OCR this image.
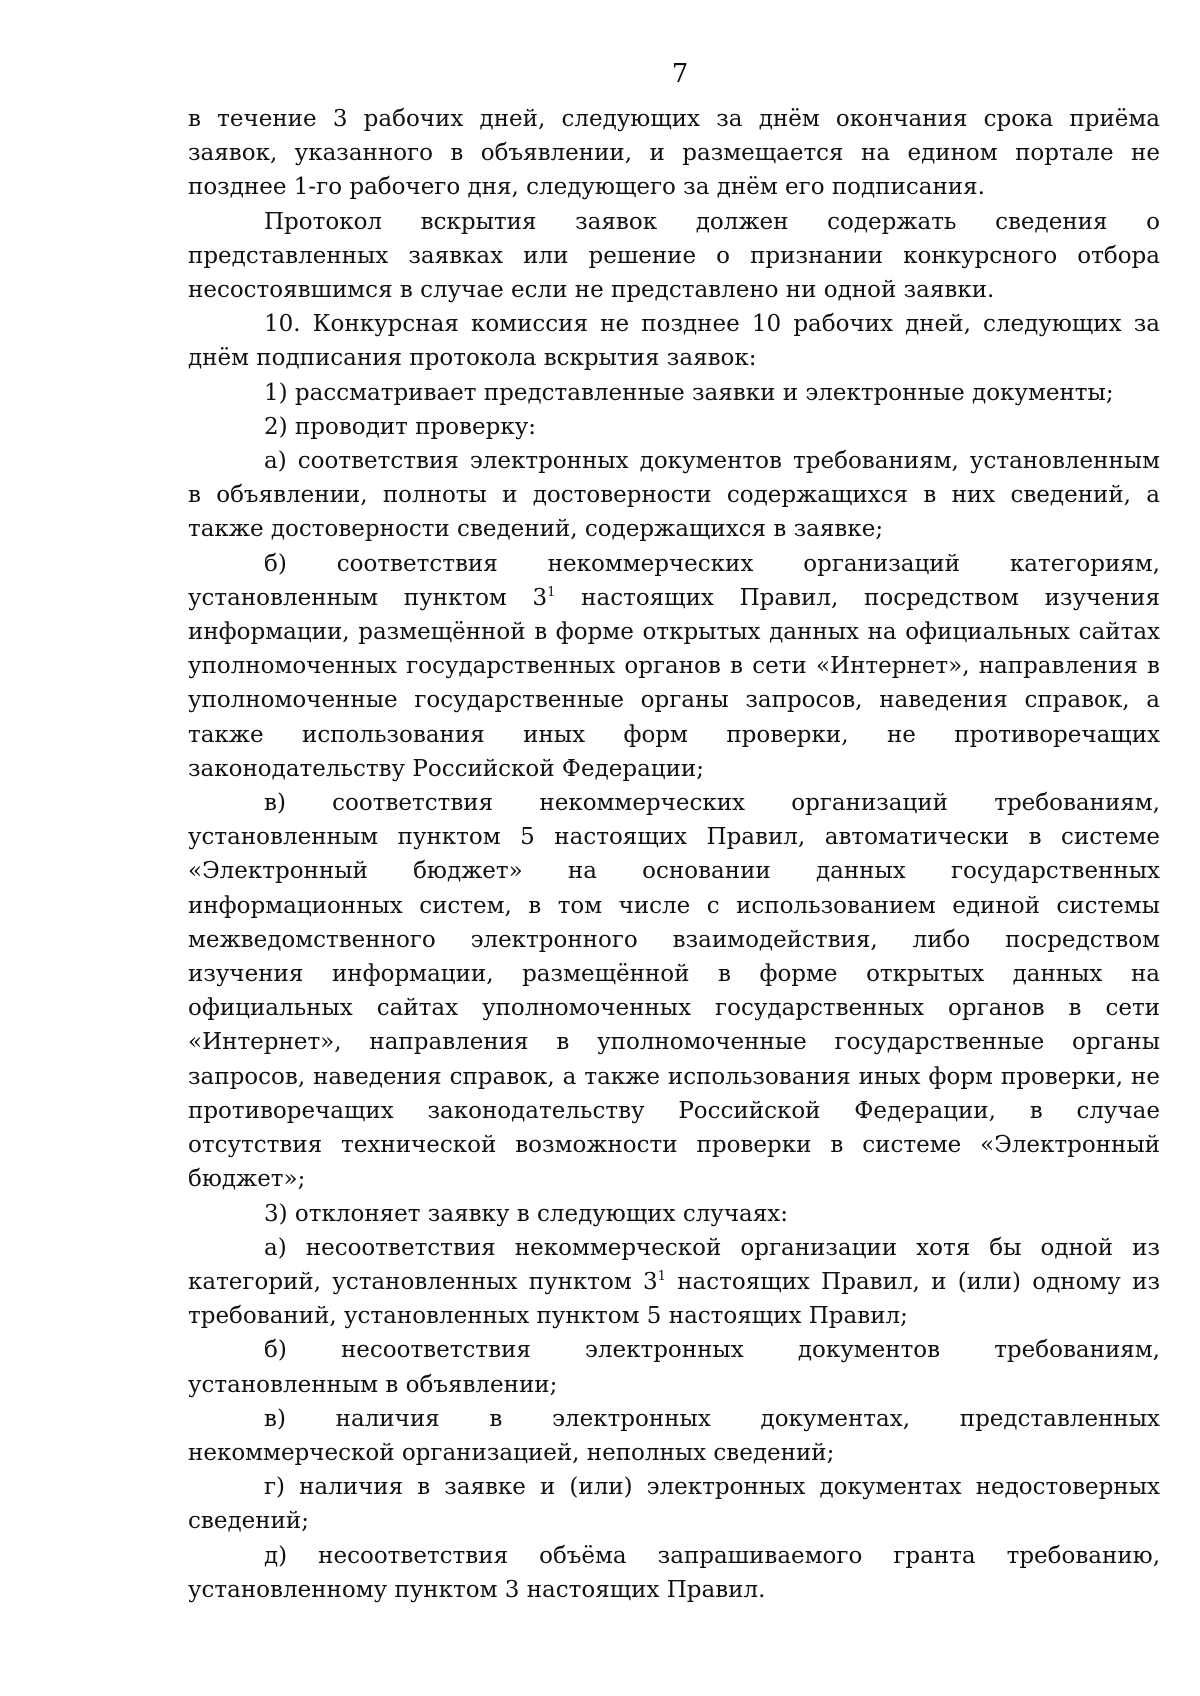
7

в течение 3 рабочих дней, следующих за днём окончания срока приёма заявок, указанного в объявлении, и размещается на едином портале не позднее 1-го рабочего дня, следующего за днём его подписания.

Протокол вскрытия заявок должен содержать сведения о представленных заявках или решение о признании конкурсного отбора несостоявшимся в случае если не представлено ни одной заявки.

10. Конкурсная комиссия не позднее 10 рабочих дней, следующих за днём подписания протокола вскрытия заявок:

1) рассматривает представленные заявки и электронные документы;

2) проводит проверку:

а) соответствия электронных документов требованиям, установленным в объявлении, полноты и достоверности содержащихся в них сведений, а также достоверности сведений, содержащихся в заявке;

б) соответствия некоммерческих организаций категориям, установленным пунктом $3^1$ настоящих Правил, посредством изучения информации, размещённой в форме открытых данных на официальных сайтах уполномоченных государственных органов в сети «Интернет», направления в уполномоченные государственные органы запросов, наведения справок, а также использования иных форм проверки, не противоречащих законодательству Российской Федерации;

в) соответствия некоммерческих организаций требованиям, установленным пунктом 5 настоящих Правил, автоматически в системе «Электронный бюджет» на основании данных государственных информационных систем, в том числе с использованием единой системы межведомственного электронного взаимодействия, либо посредством изучения информации, размещённой в форме открытых данных на официальных сайтах уполномоченных государственных органов в сети «Интернет», направления в уполномоченные государственные органы запросов, наведения справок, а также использования иных форм проверки, не противоречащих законодательству Российской Федерации, в случае отсутствия технической возможности проверки в системе «Электронный бюджет»;

3) отклоняет заявку в следующих случаях:

а) несоответствия некоммерческой организации хотя бы одной из категорий, установленных пунктом $3^1$ настоящих Правил, и (или) одному из требований, установленных пунктом 5 настоящих Правил;

б) несоответствия электронных документов требованиям, установленным в объявлении;

в) наличия в электронных документах, представленных некоммерческой организацией, неполных сведений;

г) наличия в заявке и (или) электронных документах недостоверных сведений;

д) несоответствия объёма запрашиваемого гранта требованию, установленному пунктом 3 настоящих Правил.
